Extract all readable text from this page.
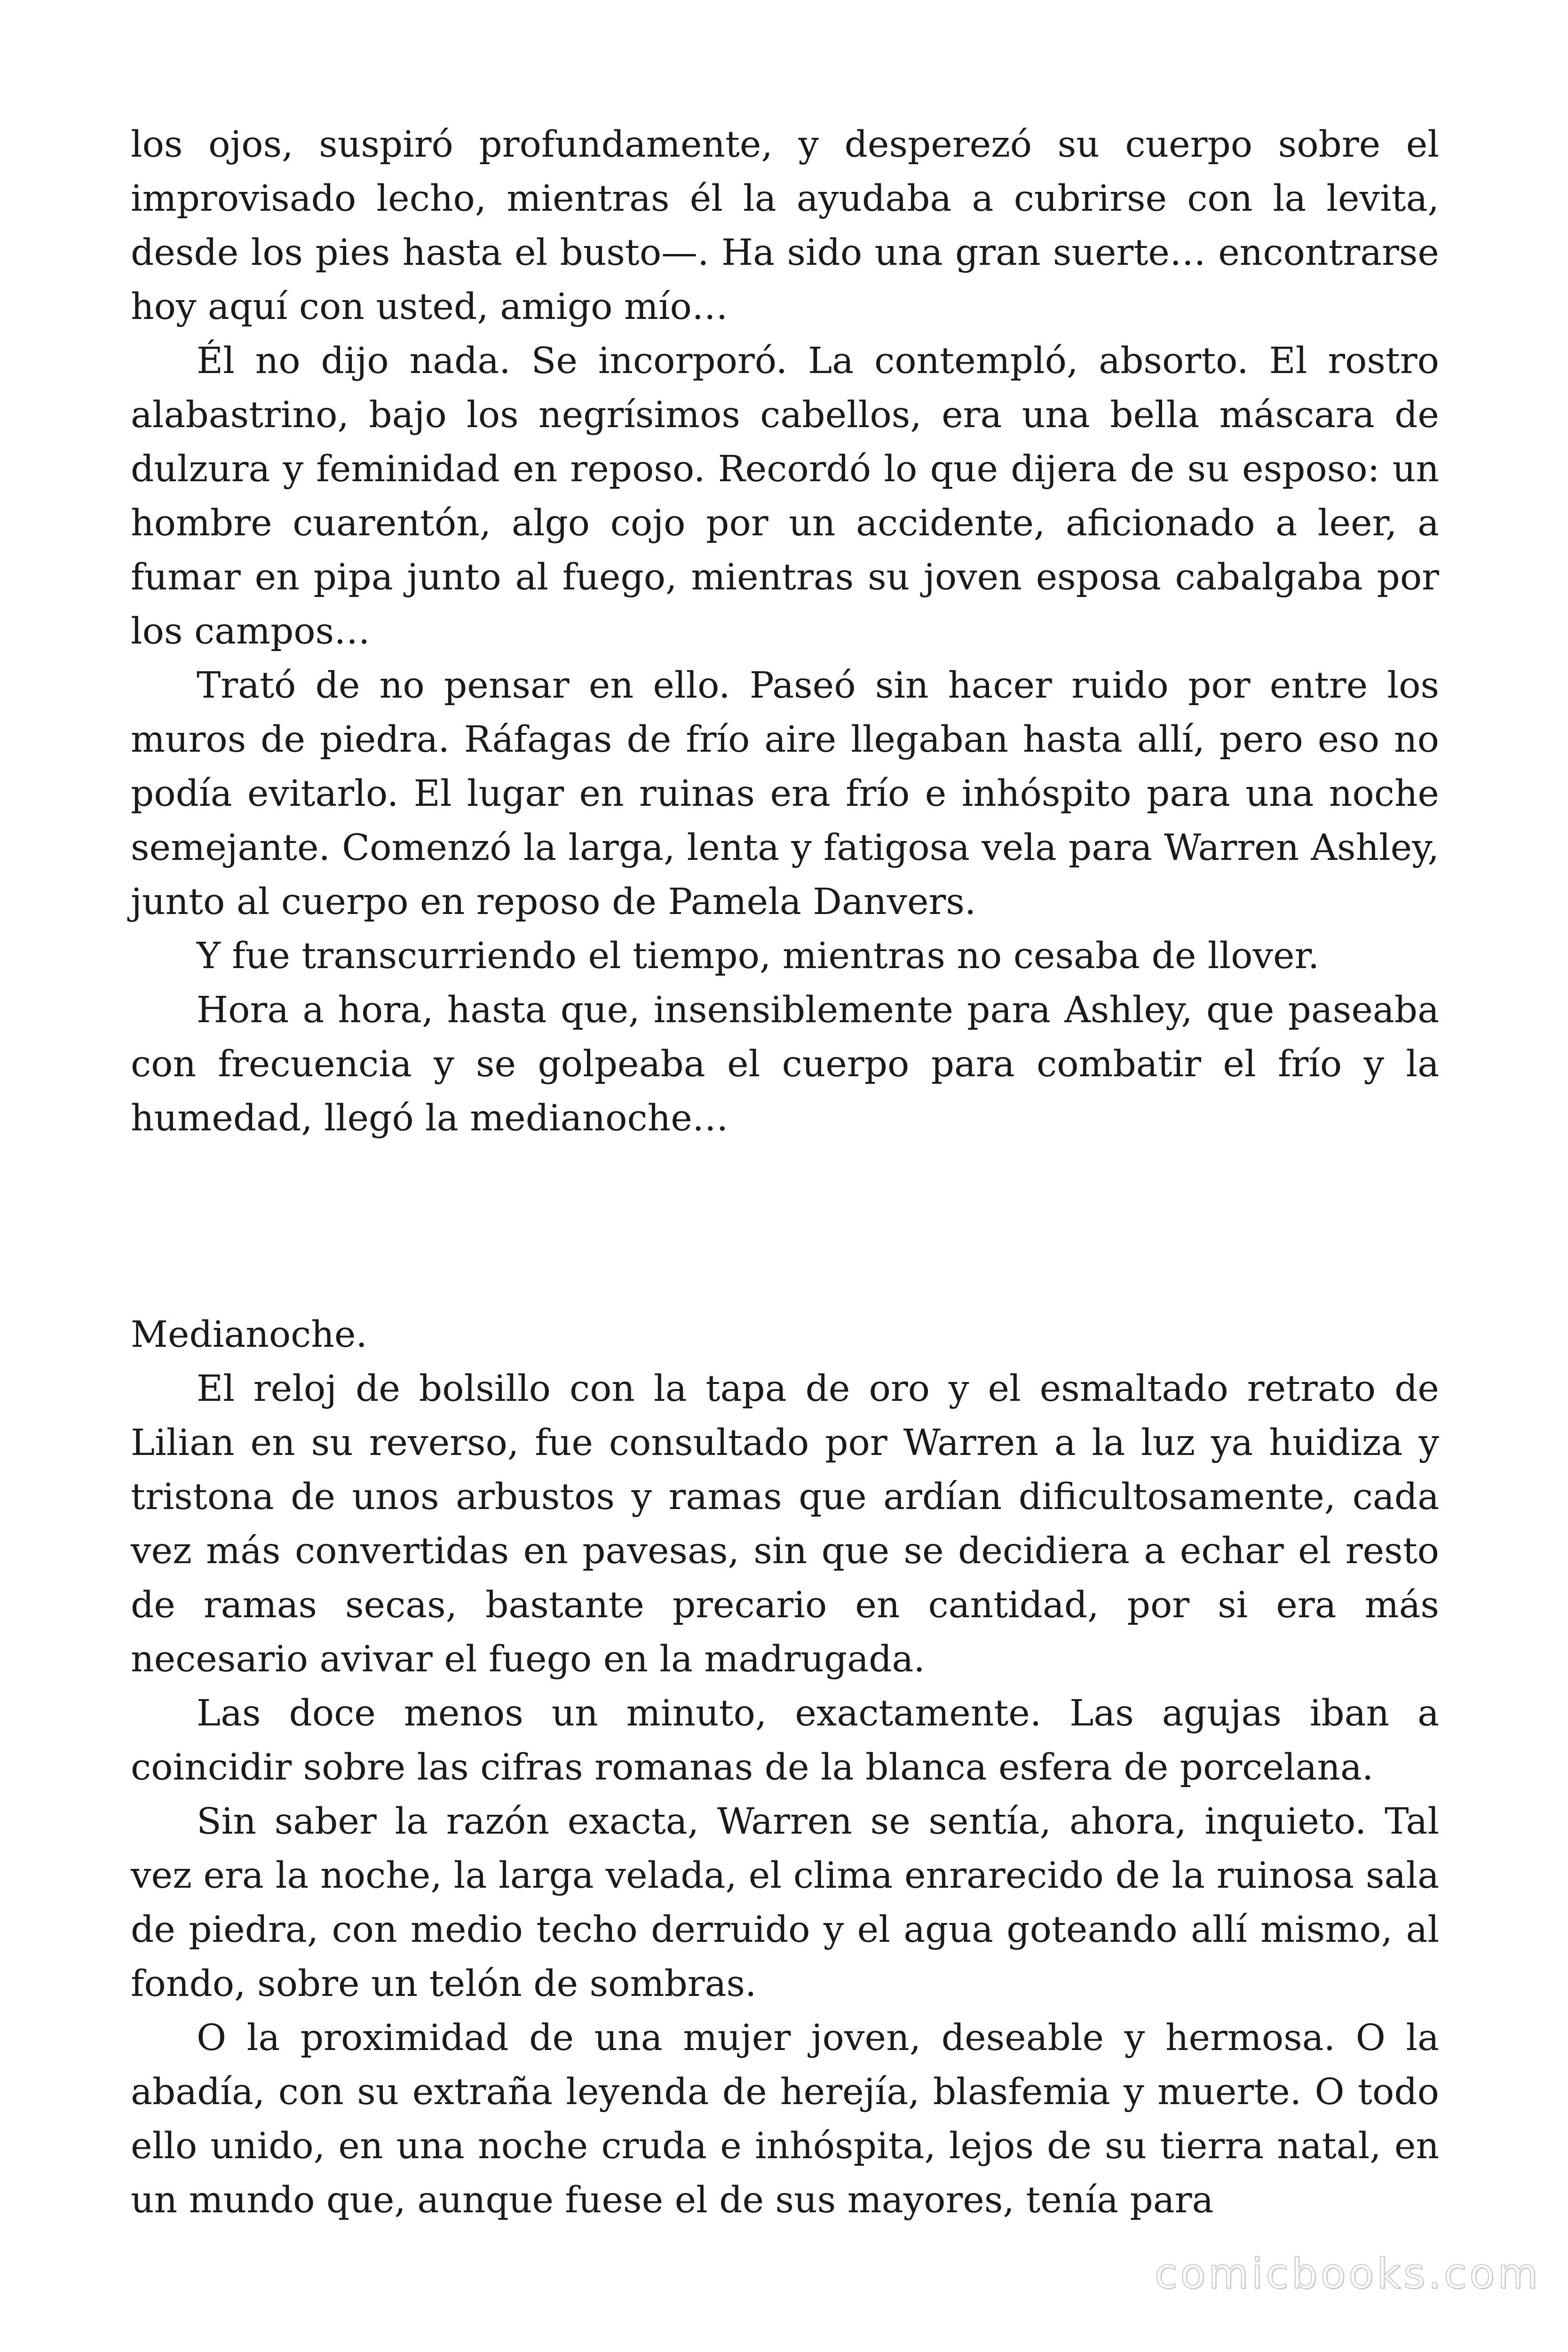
los ojos, suspiró profundamente, y desperezó su cuerpo sobre el improvisado lecho, mientras él la ayudaba a cubrirse con la levita, desde los pies hasta el busto—. Ha sido una gran suerte… encontrarse hoy aquí con usted, amigo mío…

Él no dijo nada. Se incorporó. La contempló, absorto. El rostro alabastrino, bajo los negrísimos cabellos, era una bella máscara de dulzura y feminidad en reposo. Recordó lo que dijera de su esposo: un hombre cuarentón, algo cojo por un accidente, aficionado a leer, a fumar en pipa junto al fuego, mientras su joven esposa cabalgaba por los campos…

Trató de no pensar en ello. Paseó sin hacer ruido por entre los muros de piedra. Ráfagas de frío aire llegaban hasta allí, pero eso no podía evitarlo. El lugar en ruinas era frío e inhóspito para una noche semejante. Comenzó la larga, lenta y fatigosa vela para Warren Ashley, junto al cuerpo en reposo de Pamela Danvers.

Y fue transcurriendo el tiempo, mientras no cesaba de llover.

Hora a hora, hasta que, insensiblemente para Ashley, que paseaba con frecuencia y se golpeaba el cuerpo para combatir el frío y la humedad, llegó la medianoche…

Medianoche.

El reloj de bolsillo con la tapa de oro y el esmaltado retrato de Lilian en su reverso, fue consultado por Warren a la luz ya huidiza y tristona de unos arbustos y ramas que ardían dificultosamente, cada vez más convertidas en pavesas, sin que se decidiera a echar el resto de ramas secas, bastante precario en cantidad, por si era más necesario avivar el fuego en la madrugada.

Las doce menos un minuto, exactamente. Las agujas iban a coincidir sobre las cifras romanas de la blanca esfera de porcelana.

Sin saber la razón exacta, Warren se sentía, ahora, inquieto. Tal vez era la noche, la larga velada, el clima enrarecido de la ruinosa sala de piedra, con medio techo derruido y el agua goteando allí mismo, al fondo, sobre un telón de sombras.

O la proximidad de una mujer joven, deseable y hermosa. O la abadía, con su extraña leyenda de herejía, blasfemia y muerte. O todo ello unido, en una noche cruda e inhóspita, lejos de su tierra natal, en un mundo que, aunque fuese el de sus mayores, tenía para

comicbooks.com
